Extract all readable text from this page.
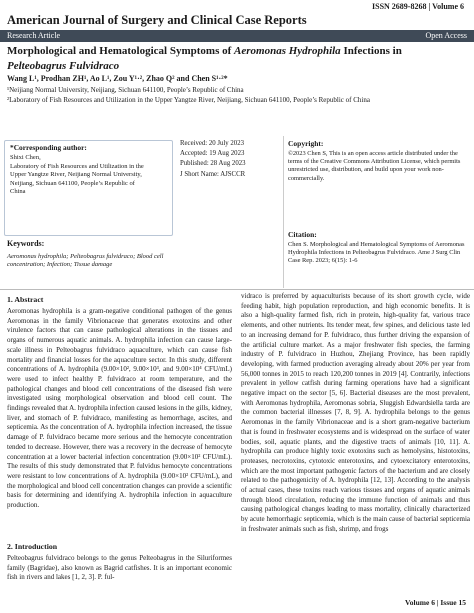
ISSN 2689-8268 | Volume 6
American Journal of Surgery and Clinical Case Reports
Research Article	Open Access
Morphological and Hematological Symptoms of Aeromonas Hydrophila Infections in
Pelteobagrus Fulvidraco
Wang L¹, Prodhan ZH¹, Ao L¹, Zou Y¹·², Zhao Q² and Chen S¹·²*
¹Neijiang Normal University, Neijiang, Sichuan 641100, People’s Republic of China
²Laboratory of Fish Resources and Utilization in the Upper Yangtze River, Neijiang, Sichuan 641100, People’s Republic of China
*Corresponding author:
Shixi Chen,
Laboratory of Fish Resources and Utilization in the
Upper Yangtze River, Neijiang Normal University,
Neijiang, Sichuan 641100, People’s Republic of
China
Received: 20 July 2023
Accepted: 19 Aug 2023
Published: 28 Aug 2023
J Short Name: AJSCCR
Copyright:
©2023 Chen S, This is an open access article distributed under the terms of the Creative Commons Attribution License, which permits unrestricted use, distribution, and build upon your work non-commercially.
Citation:
Chen S. Morphological and Hematological Symptoms of Aeromonas Hydrophila Infections in Pelteobagrus Fulvidraco. Ame J Surg Clin Case Rep. 2023; 6(15): 1-6
Keywords:
Aeromonas hydrophila; Pelteobagrus fulvidraco; Blood cell concentration; Infection; Tissue damage
1. Abstract
Aeromonas hydrophila is a gram-negative conditional pathogen of the genus Aeromonas in the family Vibrionaceae that generates exotoxins and other virulence factors that can cause pathological alterations in the tissues and organs of numerous aquatic animals. A. hydrophila infection can cause large-scale illness in Pelteobagrus fulvidraco aquaculture, which can cause fish mortality and financial losses for the aquaculture sector. In this study, different concentrations of A. hydrophila (9.00×10², 9.00×10³, and 9.00×10⁴ CFU/mL) were used to infect healthy P. fulvidraco at room temperature, and the pathological changes and blood cell concentrations of the diseased fish were investigated using morphological observation and blood cell count. The findings revealed that A. hydrophila infection caused lesions in the gills, kidney, liver, and stomach of P. fulvidraco, manifesting as hemorrhage, ascites, and septicemia. As the concentration of A. hydrophila infection increased, the tissue damage of P. fulvidraco became more serious and the hemocyte concentration tended to decrease. However, there was a recovery in the decrease of hemocyte concentration at a lower bacterial infection concentration (9.00×10² CFU/mL). The results of this study demonstrated that P. fulvidus hemocyte concentrations were resistant to low concentrations of A. hydrophila (9.00×10² CFU/mL), and the morphological and blood cell concentration changes can provide a scientific basis for determining and identifying A. hydrophila infection in aquaculture production.
2. Introduction
Pelteobagrus fulvidraco belongs to the genus Pelteobagrus in the Siluriformes family (Bagridae), also known as Bagrid catfishes. It is an important economic fish in rivers and lakes [1, 2, 3]. P. ful-
vidraco is preferred by aquaculturists because of its short growth cycle, wide feeding habit, high population reproduction, and high economic benefits. It is also a high-quality farmed fish, rich in protein, high-quality fat, various trace elements, and other nutrients. Its tender meat, few spines, and delicious taste led to an increasing demand for P. fulvidraco, thus further driving the expansion of the artificial culture market. As a major freshwater fish species, the farming industry of P. fulvidraco in Huzhou, Zhejiang Province, has been rapidly developing, with farmed production averaging already about 20% per year from 56,000 tonnes in 2015 to reach 120,200 tonnes in 2019 [4]. Contrarily, infections prevalent in yellow catfish during farming operations have had a significant negative impact on the sector [5, 6]. Bacterial diseases are the most prevalent, with Aeromonas hydrophila, Aeromonas sobria, Sluggish Edwardsiella tarda are the common bacterial illnesses [7, 8, 9]. A. hydrophila belongs to the genus Aeromonas in the family Vibrionaceae and is a short gram-negative bacterium that is found in freshwater ecosystems and is widespread on the surface of water bodies, soil, aquatic plants, and the digestive tracts of animals [10, 11]. A. hydrophila can produce highly toxic exotoxins such as hemolysins, histotoxins, proteases, necrotoxins, cytotoxic enterotoxins, and cytoexcitatory enterotoxins, which are the most important pathogenic factors of the bacterium and are closely related to the pathogenicity of A. hydrophila [12, 13]. According to the analysis of actual cases, these toxins reach various tissues and organs of aquatic animals through blood circulation, reducing the immune function of animals and thus causing pathological changes leading to mass mortality, clinically characterized by acute hemorrhagic septicemia, which is the main cause of bacterial septicemia in freshwater animals such as fish, shrimp, and frogs
Volume 6 | Issue 15
